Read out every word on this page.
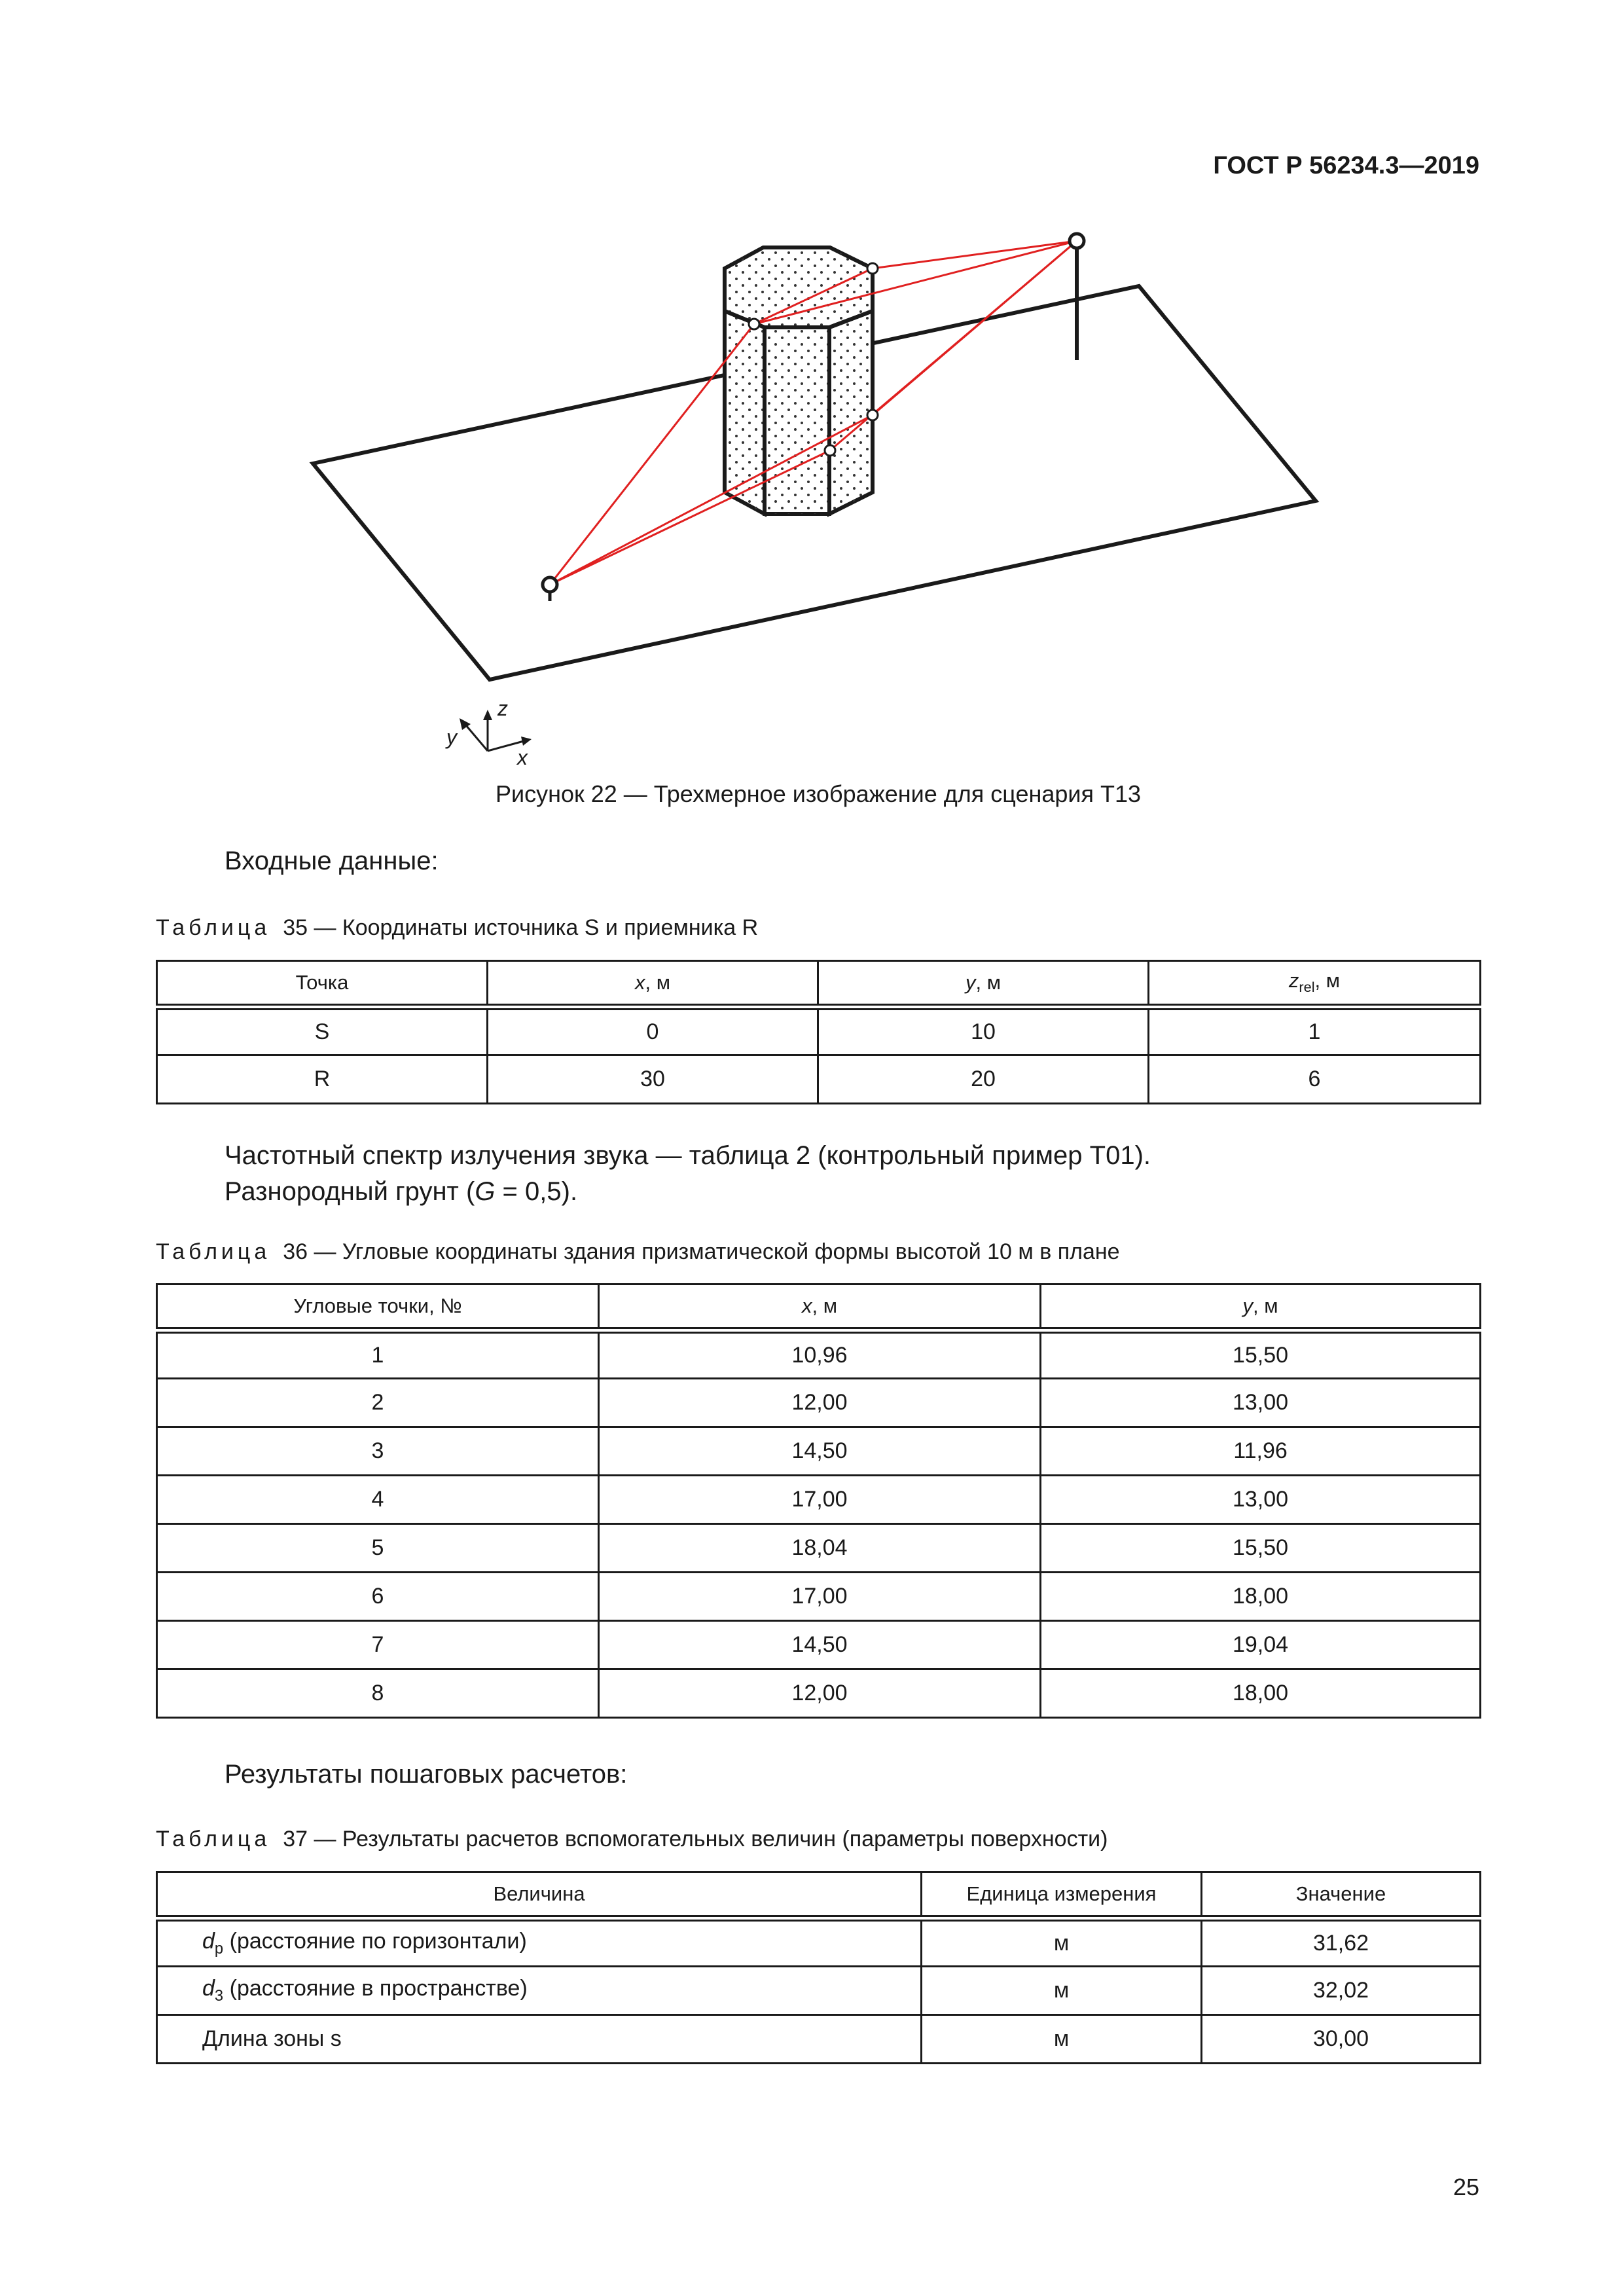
ГОСТ Р 56234.3—2019
z
x
y
Рисунок 22 — Трехмерное изображение для сценария Т13
Входные данные:
Таблица 35 — Координаты источника S и приемника R
Точка	x, м	y, м	$z_{rel}$, м
S	0	10	1
R	30	20	6
Частотный спектр излучения звука — таблица 2 (контрольный пример Т01).
Разнородный грунт (G = 0,5).
Таблица 36 — Угловые координаты здания призматической формы высотой 10 м в плане
Угловые точки, №	x, м	y, м
1	10,96	15,50
2	12,00	13,00
3	14,50	11,96
4	17,00	13,00
5	18,04	15,50
6	17,00	18,00
7	14,50	19,04
8	12,00	18,00
Результаты пошаговых расчетов:
Таблица 37 — Результаты расчетов вспомогательных величин (параметры поверхности)
Величина	Единица измерения	Значение
$d_p$ (расстояние по горизонтали)	м	31,62
$d_3$ (расстояние в пространстве)	м	32,02
Длина зоны s	м	30,00
25
